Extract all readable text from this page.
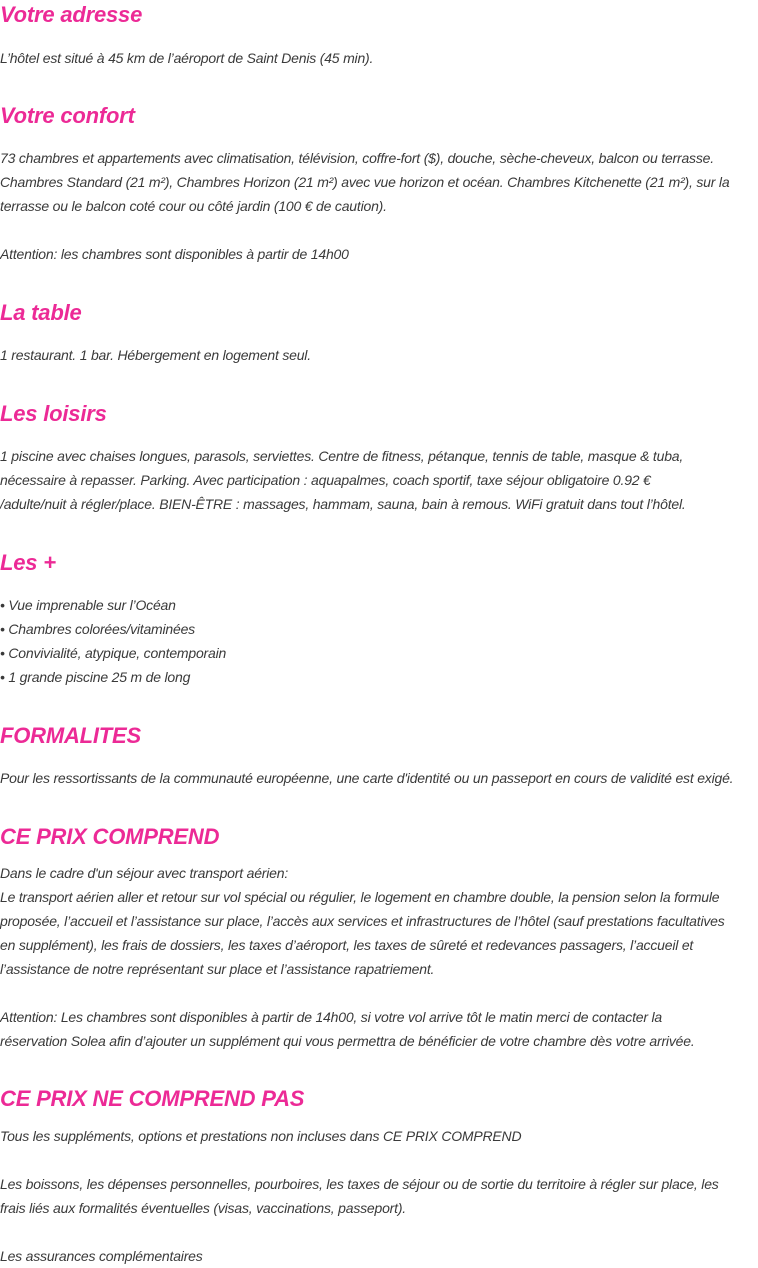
Votre adresse

L’hôtel est situé à 45 km de l’aéroport de Saint Denis (45 min).

Votre confort

73 chambres et appartements avec climatisation, télévision, coffre-fort ($), douche, sèche-cheveux, balcon ou terrasse.
Chambres Standard (21 m²), Chambres Horizon (21 m²) avec vue horizon et océan. Chambres Kitchenette (21 m²), sur la
terrasse ou le balcon coté cour ou côté jardin (100 € de caution).

Attention: les chambres sont disponibles à partir de 14h00

La table

1 restaurant. 1 bar. Hébergement en logement seul.

Les loisirs

1 piscine avec chaises longues, parasols, serviettes. Centre de fitness, pétanque, tennis de table, masque & tuba,
nécessaire à repasser. Parking. Avec participation : aquapalmes, coach sportif, taxe séjour obligatoire 0.92 €
/adulte/nuit à régler/place. BIEN-ÊTRE : massages, hammam, sauna, bain à remous. WiFi gratuit dans tout l’hôtel.

Les +

• Vue imprenable sur l’Océan
• Chambres colorées/vitaminées
• Convivialité, atypique, contemporain
• 1 grande piscine 25 m de long

FORMALITES

Pour les ressortissants de la communauté européenne, une carte d'identité ou un passeport en cours de validité est exigé.

CE PRIX COMPREND

Dans le cadre d'un séjour avec transport aérien:
Le transport aérien aller et retour sur vol spécial ou régulier, le logement en chambre double, la pension selon la formule
proposée, l’accueil et l’assistance sur place, l’accès aux services et infrastructures de l’hôtel (sauf prestations facultatives
en supplément), les frais de dossiers, les taxes d’aéroport, les taxes de sûreté et redevances passagers, l’accueil et
l’assistance de notre représentant sur place et l’assistance rapatriement.

Attention: Les chambres sont disponibles à partir de 14h00, si votre vol arrive tôt le matin merci de contacter la
réservation Solea afin d’ajouter un supplément qui vous permettra de bénéficier de votre chambre dès votre arrivée.

CE PRIX NE COMPREND PAS

Tous les suppléments, options et prestations non incluses dans CE PRIX COMPREND

Les boissons, les dépenses personnelles, pourboires, les taxes de séjour ou de sortie du territoire à régler sur place, les
frais liés aux formalités éventuelles (visas, vaccinations, passeport).

Les assurances complémentaires
